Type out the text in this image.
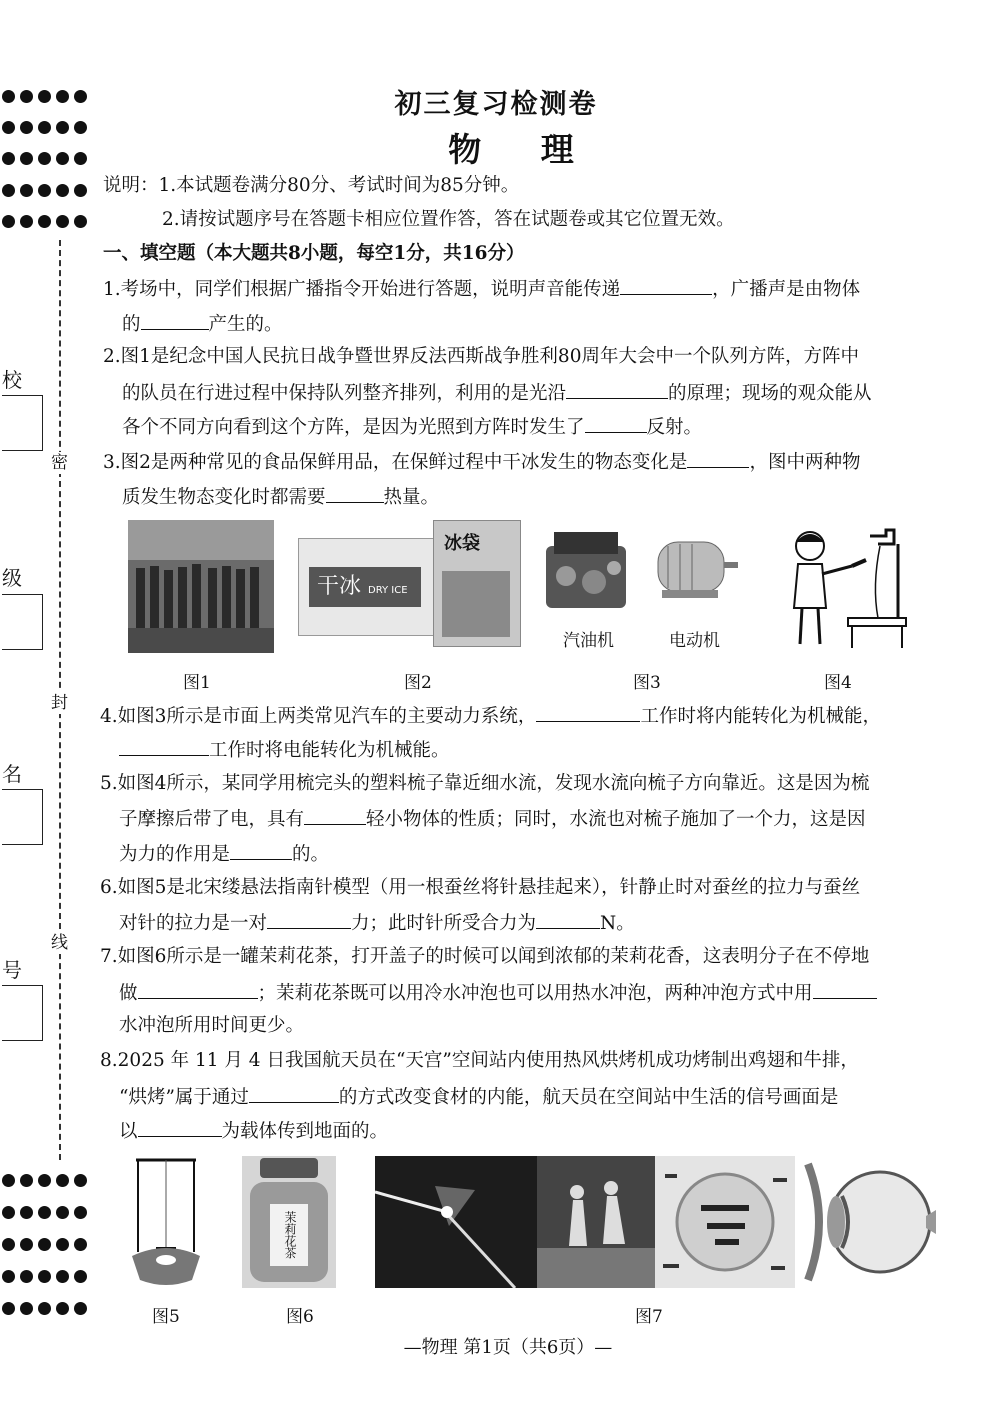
密
封
线
校
级
名
号
初三复习检测卷
物 理
说明：1.本试题卷满分80分、考试时间为85分钟。
2.请按试题序号在答题卡相应位置作答，答在试题卷或其它位置无效。
一、填空题（本大题共8小题，每空1分，共16分）
1.考场中，同学们根据广播指令开始进行答题，说明声音能传递	，广播声是由物体
的	产生的。
2.图1是纪念中国人民抗日战争暨世界反法西斯战争胜利80周年大会中一个队列方阵，方阵中
的队员在行进过程中保持队列整齐排列，利用的是光沿	的原理；现场的观众能从
各个不同方向看到这个方阵，是因为光照到方阵时发生了	反射。
3.图2是两种常见的食品保鲜用品，在保鲜过程中干冰发生的物态变化是	，图中两种物
质发生物态变化时都需要	热量。
干冰 DRY ICE
冰袋
汽油机	电动机
图1	图2	图3	图4
4.如图3所示是市面上两类常见汽车的主要动力系统，	工作时将内能转化为机械能，
工作时将电能转化为机械能。
5.如图4所示，某同学用梳完头的塑料梳子靠近细水流，发现水流向梳子方向靠近。这是因为梳
子摩擦后带了电，具有	轻小物体的性质；同时，水流也对梳子施加了一个力，这是因
为力的作用是	的。
6.如图5是北宋缕悬法指南针模型（用一根蚕丝将针悬挂起来），针静止时对蚕丝的拉力与蚕丝
对针的拉力是一对	力；此时针所受合力为	N。
7.如图6所示是一罐茉莉花茶，打开盖子的时候可以闻到浓郁的茉莉花香，这表明分子在不停地
做	；茉莉花茶既可以用冷水冲泡也可以用热水冲泡，两种冲泡方式中用
水冲泡所用时间更少。
8.2025 年 11 月 4 日我国航天员在“天宫”空间站内使用热风烘烤机成功烤制出鸡翅和牛排，
“烘烤”属于通过	的方式改变食材的内能，航天员在空间站中生活的信号画面是
以	为载体传到地面的。
茉莉花茶
图5	图6	图7
—物理 第1页（共6页）—
